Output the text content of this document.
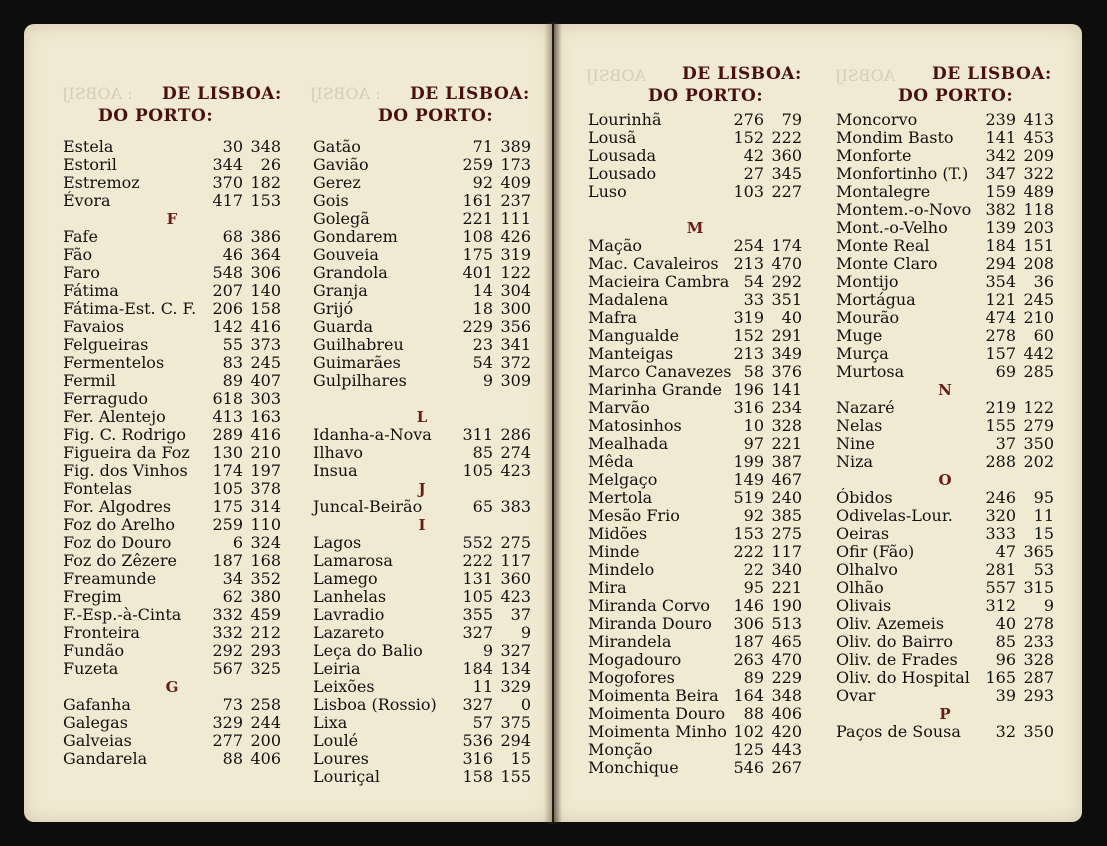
: AOBSIJ	: AOBSIJ
AOBSIJ	AOBSIJ
DE LISBOA:
DO PORTO:
DE LISBOA:
DO PORTO:
DE LISBOA:
DO PORTO:
DE LISBOA:
DO PORTO:
Estela	30 348
Estoril	344	26
Estremoz	370 182
Évora	417 153
F
Fafe	68 386
Fão	46 364
Faro	548 306
Fátima	207 140
Fátima-Est. C. F. 206 158
Favaios	142 416
Felgueiras	55 373
Fermentelos	83 245
Fermil	89 407
Ferragudo	618 303
Fer. Alentejo	413 163
Fig. C. Rodrigo 289 416
Figueira da Foz 130 210
Fig. dos Vinhos 174 197
Fontelas	105 378
For. Algodres	175 314
Foz do Arelho 259 110
Foz do Douro	6 324
Foz do Zêzere 187 168
Freamunde	34 352
Fregim	62 380
F.-Esp.-à-Cinta 332 459
Fronteira	332 212
Fundão	292 293
Fuzeta	567 325
G
Gafanha	73 258
Galegas	329 244
Galveias	277 200
Gandarela	88 406
Gatão	71 389
Gavião	259 173
Gerez	92 409
Gois	161 237
Golegã	221 111
Gondarem	108 426
Gouveia	175 319
Grandola	401 122
Granja	14 304
Grijó	18 300
Guarda	229 356
Guilhabreu	23 341
Guimarães	54 372
Gulpilhares	9 309
L
Idanha-a-Nova 311 286
Ilhavo	85 274
Insua	105 423
J
Juncal-Beirão	65 383
I
Lagos	552 275
Lamarosa	222 117
Lamego	131 360
Lanhelas	105 423
Lavradio	355	37
Lazareto	327	9
Leça do Balio	9 327
Leiria	184 134
Leixões	11 329
Lisboa (Rossio) 327	0
Lixa	57 375
Loulé	536 294
Loures	316	15
Louriçal	158 155
Lourinhã	276	79
Lousã	152 222
Lousada	42 360
Lousado	27 345
Luso	103 227
M
Mação	254 174
Mac. Cavaleiros 213 470
Macieira Cambra 54 292
Madalena	33 351
Mafra	319	40
Mangualde	152 291
Manteigas	213 349
Marco Canavezes 58 376
Marinha Grande 196 141
Marvão	316 234
Matosinhos	10 328
Mealhada	97 221
Mêda	199 387
Melgaço	149 467
Mertola	519 240
Mesão Frio	92 385
Midões	153 275
Minde	222 117
Mindelo	22 340
Mira	95 221
Miranda Corvo 146 190
Miranda Douro 306 513
Mirandela	187 465
Mogadouro	263 470
Mogofores	89 229
Moimenta Beira 164 348
Moimenta Douro 88 406
Moimenta Minho 102 420
Monção	125 443
Monchique	546 267
Moncorvo	239 413
Mondim Basto 141 453
Monforte	342 209
Monfortinho (T.) 347 322
Montalegre	159 489
Montem.-o-Novo 382 118
Mont.-o-Velho 139 203
Monte Real	184 151
Monte Claro	294 208
Montijo	354	36
Mortágua	121 245
Mourão	474 210
Muge	278	60
Murça	157 442
Murtosa	69 285
N
Nazaré	219 122
Nelas	155 279
Nine	37 350
Niza	288 202
O
Óbidos	246	95
Odivelas-Lour. 320	11
Oeiras	333	15
Ofir (Fão)	47 365
Olhalvo	281	53
Olhão	557 315
Olivais	312	9
Oliv. Azemeis	40 278
Oliv. do Bairro	85 233
Oliv. de Frades 96 328
Oliv. do Hospital 165 287
Ovar	39 293
P
Paços de Sousa 32 350
